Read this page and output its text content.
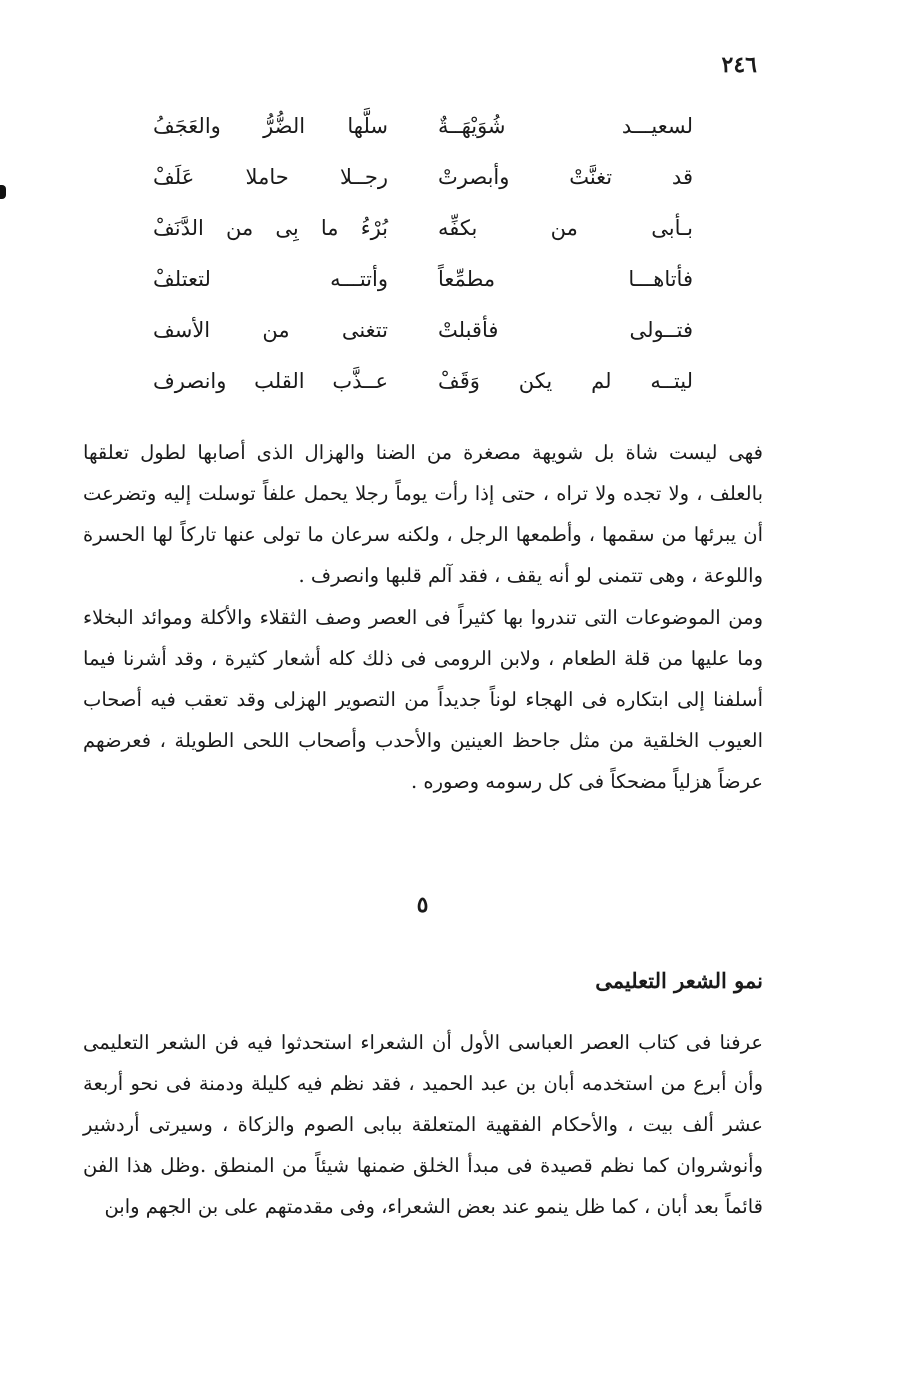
٢٤٦
لسعيـــد شُوَيْهَــةٌ
سلَّها الضُّرُّ والعَجَفُ
قد تغنَّتْ وأبصرتْ
رجــلا حاملا عَلَفْ
بـأبى من بكفِّه
بُرْءُ ما بِى من الدَّنَفْ
فأتاهـــا مطمِّعاً
وأتتـــه لتعتلفْ
فتــولى فأقبلتْ
تتغنى من الأسف
ليتــه لم يكن وَقَفْ
عــذَّب القلب وانصرف

فهى ليست شاة بل شويهة مصغرة من الضنا والهزال الذى أصابها لطول تعلقها بالعلف ، ولا تجده ولا تراه ، حتى إذا رأت يوماً رجلا يحمل علفاً توسلت إليه وتضرعت أن يبرئها من سقمها ، وأطمعها الرجل ، ولكنه سرعان ما تولى عنها تاركاً لها الحسرة واللوعة ، وهى تتمنى لو أنه يقف ، فقد آلم قلبها وانصرف .

ومن الموضوعات التى تندروا بها كثيراً فى العصر وصف الثقلاء والأكلة وموائد البخلاء وما عليها من قلة الطعام ، ولابن الرومى فى ذلك كله أشعار كثيرة ، وقد أشرنا فيما أسلفنا إلى ابتكاره فى الهجاء لوناً جديداً من التصوير الهزلى وقد تعقب فيه أصحاب العيوب الخلقية من مثل جاحظ العينين والأحدب وأصحاب اللحى الطويلة ، فعرضهم عرضاً هزلياً مضحكاً فى كل رسومه وصوره .

٥
نمو الشعر التعليمى

عرفنا فى كتاب العصر العباسى الأول أن الشعراء استحدثوا فيه فن الشعر التعليمى وأن أبرع من استخدمه أبان بن عبد الحميد ، فقد نظم فيه كليلة ودمنة فى نحو أربعة عشر ألف بيت ، والأحكام الفقهية المتعلقة ببابى الصوم والزكاة ، وسيرتى أردشير وأنوشروان كما نظم قصيدة فى مبدأ الخلق ضمنها شيئاً من المنطق .وظل هذا الفن قائماً بعد أبان ، كما ظل ينمو عند بعض الشعراء، وفى مقدمتهم على بن الجهم وابن
